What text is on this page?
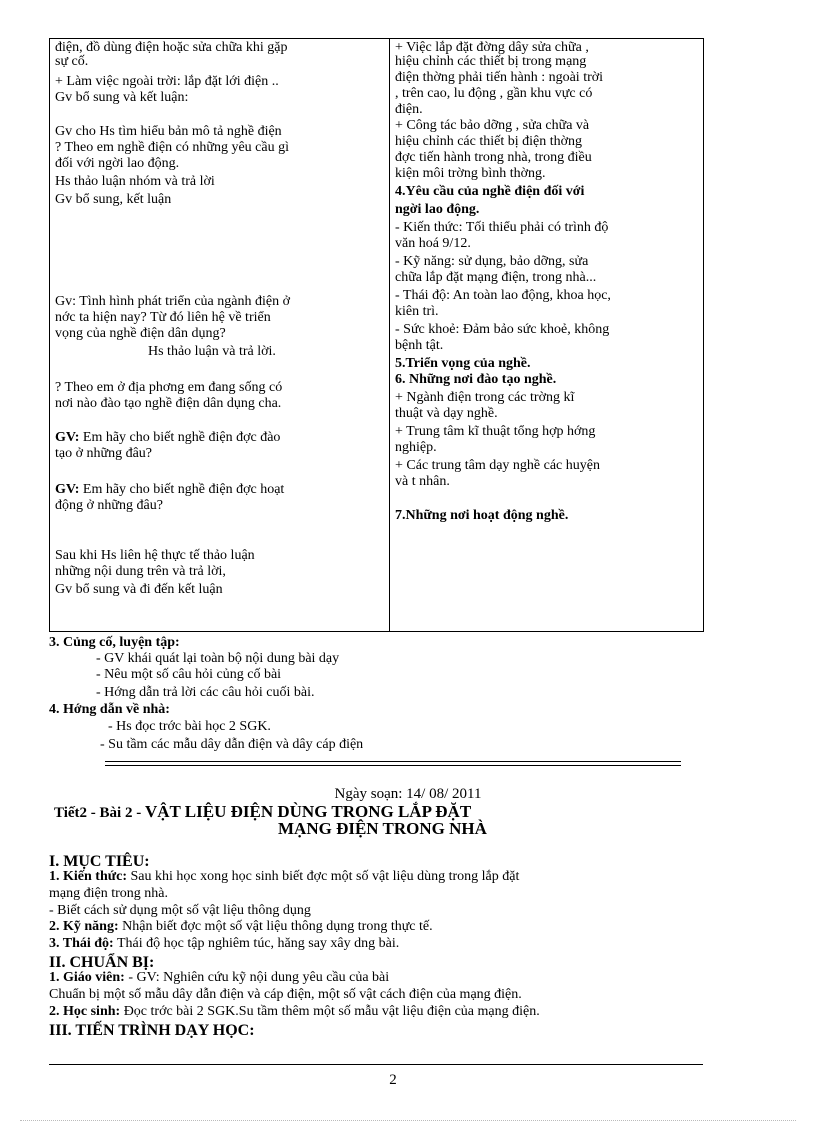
điện, đồ dùng điện hoặc sửa chữa khi gặp
sự cố.
+ Làm việc ngoài trời: lắp đặt lới điện ..
Gv bổ sung và kết luận:
Gv cho Hs tìm hiểu bản mô tả nghề điện
? Theo em nghề điện có những yêu cầu gì
đối với ngời lao động.
Hs thảo luận nhóm và trả lời
Gv bổ sung, kết luận
Gv: Tình hình phát triển của ngành điện ở
nớc ta hiện nay? Từ đó liên hệ về triển
vọng của nghề điện dân dụng?
Hs thảo luận và trả lời.
? Theo em ở địa phơng em đang sống có
nơi nào đào tạo nghề điện dân dụng cha.
GV: Em hãy cho biết nghề điện đợc đào
tạo ở những đâu?
GV: Em hãy cho biết nghề điện đợc hoạt
động ở những đâu?
Sau khi Hs liên hệ thực tế thảo luận
những nội dung trên và trả lời,
Gv bổ sung và đi đến kết luận

+ Việc lắp đặt đờng dây sửa chữa ,
hiệu chỉnh các thiết bị trong mạng
điện thờng phải tiến hành : ngoài trời
, trên cao, lu động , gần khu vực có
điện.
+ Công tác bảo dỡng , sửa chữa và
hiệu chỉnh các thiết bị điện thờng
đợc tiến hành trong nhà, trong điều
kiện môi trờng bình thờng.
4.Yêu cầu của nghề điện đối với
ngời lao động.
- Kiến thức: Tối thiểu phải có trình độ
văn hoá 9/12.
- Kỹ năng: sử dụng, bảo dỡng, sửa
chữa lắp đặt mạng điện, trong nhà...
- Thái độ: An toàn lao động, khoa học,
kiên trì.
- Sức khoẻ: Đảm bảo sức khoẻ, không
bệnh tật.
5.Triển vọng của nghề.
6. Những nơi đào tạo nghề.
+ Ngành điện trong các trờng kĩ
thuật và dạy nghề.
+ Trung tâm kĩ thuật tổng hợp hớng
nghiệp.
+ Các trung tâm dạy nghề các huyện
và t nhân.
7.Những nơi hoạt động nghề.
3. Củng cố, luyện tập:
- GV khái quát lại toàn bộ nội dung bài dạy
- Nêu một số câu hỏi củng cố bài
- Hớng dẫn trả lời các câu hỏi cuối bài.
4. Hớng dẫn về nhà:
- Hs đọc trớc bài học 2 SGK.
- Su tầm các mẫu dây dẫn điện và dây cáp điện
Ngày soạn: 14/ 08/ 2011
Tiết2 - Bài 2 - VẬT LIỆU ĐIỆN DÙNG TRONG LẮP ĐẶT
MẠNG ĐIỆN TRONG NHÀ
I. MỤC TIÊU:
1. Kiến thức: Sau khi học xong học sinh biết đợc một số vật liệu dùng trong lắp đặt
mạng điện trong nhà.
- Biết cách sử dụng một số vật liệu thông dụng
2. Kỹ năng: Nhận biết đợc một số vật liệu thông dụng trong thực tế.
3. Thái độ: Thái độ học tập nghiêm túc, hăng say xây dng bài.
II. CHUẨN BỊ:
1. Giáo viên: - GV: Nghiên cứu kỹ nội dung yêu cầu của bài
Chuẩn bị một số mẫu dây dẫn điện và cáp điện, một số vật cách điện của mạng điện.
2. Học sinh: Đọc trớc bài 2 SGK.Su tầm thêm một số mẫu vật liệu điện của mạng điện.
III. TIẾN TRÌNH DẠY HỌC:
2
